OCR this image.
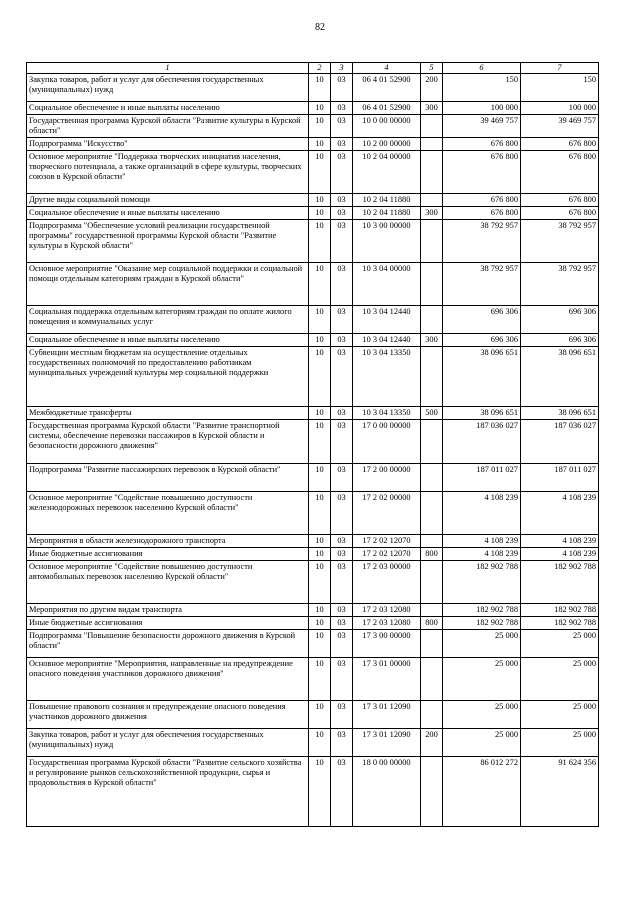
82
1	2	3	4	5	6	7
Закупка товаров, работ и услуг для обеспечения государственных (муниципальных) нужд	10	03	06 4 01 52900	200	150	150
Социальное обеспечение и иные выплаты населению	10	03	06 4 01 52900	300	100 000	100 000
Государственная программа Курской области "Развитие культуры в Курской области"	10	03	10 0 00 00000		39 469 757	39 469 757
Подпрограмма "Искусство"	10	03	10 2 00 00000		676 800	676 800
Основное мероприятие "Поддержка творческих инициатив населения, творческого потенциала, а также организаций в сфере культуры, творческих союзов в Курской области"	10	03	10 2 04 00000		676 800	676 800
Другие виды социальной помощи	10	03	10 2 04 11880		676 800	676 800
Социальное обеспечение и иные выплаты населению	10	03	10 2 04 11880	300	676 800	676 800
Подпрограмма "Обеспечение условий реализации государственной программы" государственной программы Курской области "Развитие культуры в Курской области"	10	03	10 3 00 00000		38 792 957	38 792 957
Основное мероприятие "Оказание мер социальной поддержки и социальной помощи отдельным категориям граждан в Курской области"	10	03	10 3 04 00000		38 792 957	38 792 957
Социальная поддержка отдельным категориям граждан по оплате жилого помещения и коммунальных услуг	10	03	10 3 04 12440		696 306	696 306
Социальное обеспечение и иные выплаты населению	10	03	10 3 04 12440	300	696 306	696 306
Субвенции местным бюджетам на осуществление отдельных государственных полномочий по предоставлению работникам муниципальных учреждений культуры мер социальной поддержки	10	03	10 3 04 13350		38 096 651	38 096 651
Межбюджетные трансферты	10	03	10 3 04 13350	500	38 096 651	38 096 651
Государственная программа Курской области "Развитие транспортной системы, обеспечение перевозки пассажиров в Курской области и безопасности дорожного движения"	10	03	17 0 00 00000		187 036 027	187 036 027
Подпрограмма "Развитие пассажирских перевозок в Курской области"	10	03	17 2 00 00000		187 011 027	187 011 027
Основное мероприятие "Содействие повышению доступности железнодорожных перевозок населению Курской области"	10	03	17 2 02 00000		4 108 239	4 108 239
Мероприятия в области железнодорожного транспорта	10	03	17 2 02 12070		4 108 239	4 108 239
Иные бюджетные ассигнования	10	03	17 2 02 12070	800	4 108 239	4 108 239
Основное мероприятие "Содействие повышению доступности автомобильных перевозок населению Курской области"	10	03	17 2 03 00000		182 902 788	182 902 788
Мероприятия по другим видам транспорта	10	03	17 2 03 12080		182 902 788	182 902 788
Иные бюджетные ассигнования	10	03	17 2 03 12080	800	182 902 788	182 902 788
Подпрограмма "Повышение безопасности дорожного движения в Курской области"	10	03	17 3 00 00000		25 000	25 000
Основное мероприятие "Мероприятия, направленные на предупреждение опасного поведения участников дорожного движения"	10	03	17 3 01 00000		25 000	25 000
Повышение правового сознания и предупреждение опасного поведения участников дорожного движения	10	03	17 3 01 12090		25 000	25 000
Закупка товаров, работ и услуг для обеспечения государственных (муниципальных) нужд	10	03	17 3 01 12090	200	25 000	25 000
Государственная программа Курской области "Развитие сельского хозяйства и регулирование рынков сельскохозяйственной продукции, сырья и продовольствия в Курской области"	10	03	18 0 00 00000		86 012 272	91 624 356
